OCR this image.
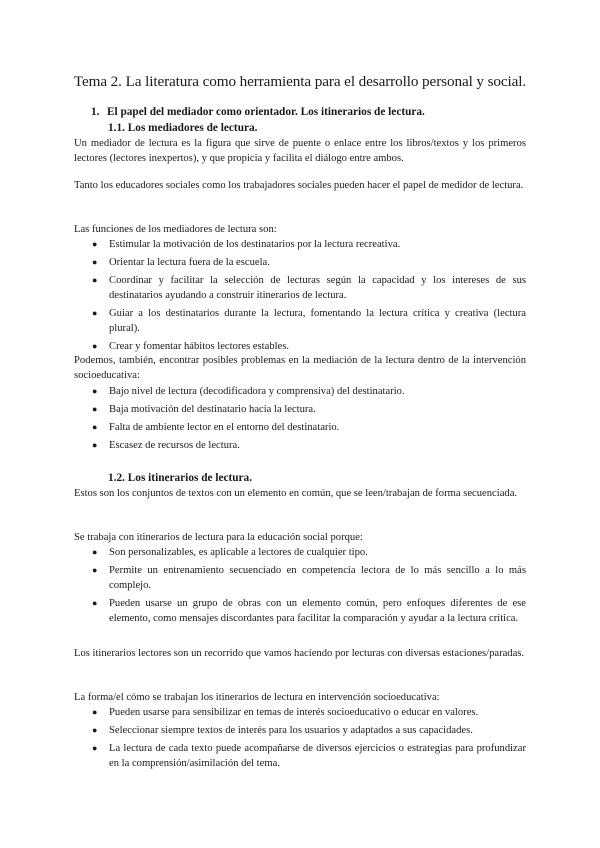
Tema 2. La literatura como herramienta para el desarrollo personal y social.
1. El papel del mediador como orientador. Los itinerarios de lectura.
1.1. Los mediadores de lectura.
Un mediador de lectura es la figura que sirve de puente o enlace entre los libros/textos y los primeros lectores (lectores inexpertos), y que propicia y facilita el diálogo entre ambos.
Tanto los educadores sociales como los trabajadores sociales pueden hacer el papel de medidor de lectura.
Las funciones de los mediadores de lectura son:
● Estimular la motivación de los destinatarios por la lectura recreativa.
● Orientar la lectura fuera de la escuela.
● Coordinar y facilitar la selección de lecturas según la capacidad y los intereses de sus destinatarios ayudando a construir itinerarios de lectura.
● Guiar a los destinatarios durante la lectura, fomentando la lectura crítica y creativa (lectura plural).
● Crear y fomentar hábitos lectores estables.
Podemos, también, encontrar posibles problemas en la mediación de la lectura dentro de la intervención socioeducativa:
● Bajo nivel de lectura (decodificadora y comprensiva) del destinatario.
● Baja motivación del destinatario hacia la lectura.
● Falta de ambiente lector en el entorno del destinatario.
● Escasez de recursos de lectura.
1.2. Los itinerarios de lectura.
Estos son los conjuntos de textos con un elemento en común, que se leen/trabajan de forma secuenciada.
Se trabaja con itinerarios de lectura para la educación social porque:
● Son personalizables, es aplicable a lectores de cualquier tipo.
● Permite un entrenamiento secuenciado en competencia lectora de lo más sencillo a lo más complejo.
● Pueden usarse un grupo de obras con un elemento común, pero enfoques diferentes de ese elemento, como mensajes discordantes para facilitar la comparación y ayudar a la lectura crítica.
Los itinerarios lectores son un recorrido que vamos haciendo por lecturas con diversas estaciones/paradas.
La forma/el cómo se trabajan los itinerarios de lectura en intervención socioeducativa:
● Pueden usarse para sensibilizar en temas de interés socioeducativo o educar en valores.
● Seleccionar siempre textos de interés para los usuarios y adaptados a sus capacidades.
● La lectura de cada texto puede acompañarse de diversos ejercicios o estrategias para profundizar en la comprensión/asimilación del tema.
